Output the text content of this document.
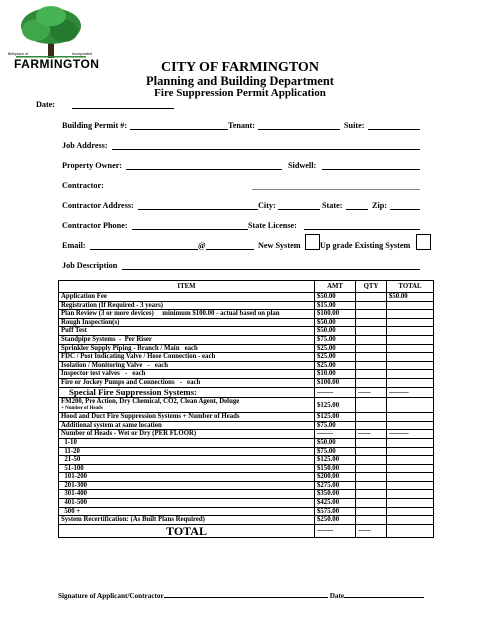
Birthplace of	Incorporated
FARMINGTON	CITY OF FARMINGTON
Planning and Building Department
Fire Suppression Permit Application
Date:
Building Permit #:	Tenant:	Suite:
Job Address:
Property Owner:	Sidwell:
Contractor:
Contractor Address:	City:	State:	Zip:
Contractor Phone:	State License:
Email:	@	New System Up grade Existing System
Job Description
ITEM	AMT	QTY	TOTAL
Application Fee	$50.00		$50.00
Registration (If Required - 3 years)	$15.00		
Plan Review (3 or more devices)     minimum $100.00 - actual based on plan	$100.00		
Rough Inspection(s)	$50.00		
Puff Test	$50.00		
Standpipe Systems  -  Per Riser	$75.00		
Sprinkler Supply Piping - Branch / Main   each	$25.00		
FDC / Post Indicating Valve / Hose Connection - each	$25.00		
Isolation / Monitoring Valve   -   each	$25.00		
Inspector test valves   -   each	$10.00		
Fire or Jockey Pumps and Connections   -   each	$100.00		
Special Fire Suppression Systems:	---------	-------	-----------
FM200, Pre Action, Dry Chemical, CO2, Clean Agent, Deluge
+ Number of Heads	$125.00		
Hood and Duct Fire Suppression Systems + Number of Heads	$125.00		
Additional system at same location	$75.00		
Number of Heads - Wet or Dry (PER FLOOR)	---------	-------	-----------
1-10	$50.00		
11-20	$75.00		
21-50	$125.00		
51-100	$150.00		
101-200	$200.00		
201-300	$275.00		
301-400	$350.00		
401-500	$425.00		
500 +	$575.00		
System Recertification: (As Built Plans Required)	$250.00		
TOTAL	---------	-------	
Signature of Applicant/Contractor	Date
